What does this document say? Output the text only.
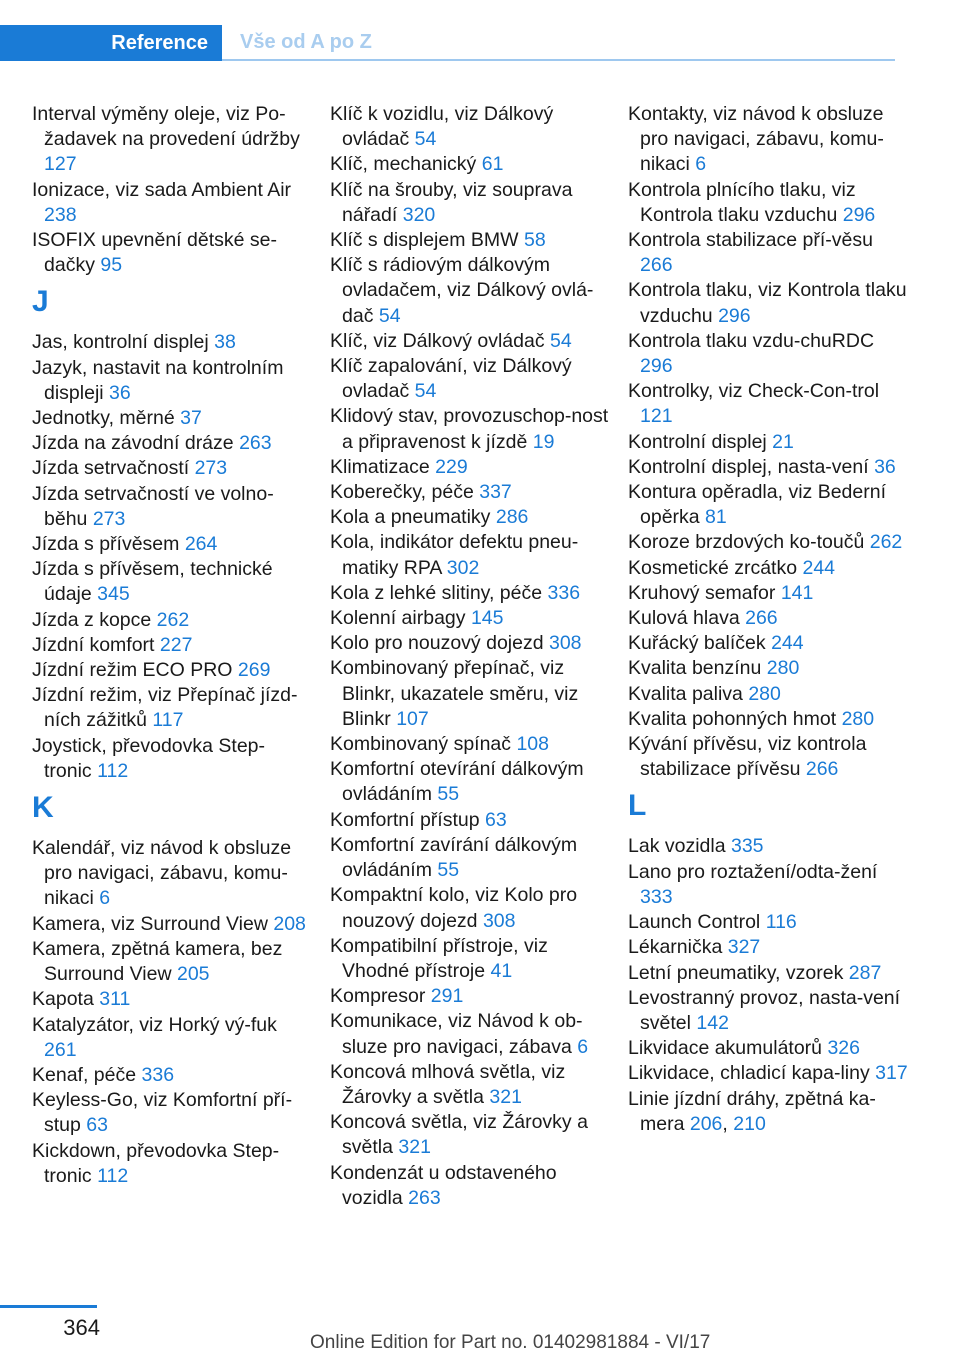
Reference	Vše od A po Z
Interval výměny oleje, viz Po-žadavek na provedení údržby 127
Ionizace, viz sada Ambient Air 238
ISOFIX upevnění dětské se-dačky 95
J
Jas, kontrolní displej 38
Jazyk, nastavit na kontrolním displeji 36
Jednotky, měrné 37
Jízda na závodní dráze 263
Jízda setrvačností 273
Jízda setrvačností ve volno-běhu 273
Jízda s přívěsem 264
Jízda s přívěsem, technické údaje 345
Jízda z kopce 262
Jízdní komfort 227
Jízdní režim ECO PRO 269
Jízdní režim, viz Přepínač jízd-ních zážitků 117
Joystick, převodovka Step-tronic 112
K
Kalendář, viz návod k obsluze pro navigaci, zábavu, komu-nikaci 6
Kamera, viz Surround View 208
Kamera, zpětná kamera, bez Surround View 205
Kapota 311
Katalyzátor, viz Horký vý-fuk 261
Kenaf, péče 336
Keyless-Go, viz Komfortní pří-stup 63
Kickdown, převodovka Step-tronic 112
Klíč k vozidlu, viz Dálkový ovládač 54
Klíč, mechanický 61
Klíč na šrouby, viz souprava nářadí 320
Klíč s displejem BMW 58
Klíč s rádiovým dálkovým ovladačem, viz Dálkový ovlá-dač 54
Klíč, viz Dálkový ovládač 54
Klíč zapalování, viz Dálkový ovladač 54
Klidový stav, provozuschop-nost a připravenost k jízdě 19
Klimatizace 229
Koberečky, péče 337
Kola a pneumatiky 286
Kola, indikátor defektu pneu-matiky RPA 302
Kola z lehké slitiny, péče 336
Kolenní airbagy 145
Kolo pro nouzový dojezd 308
Kombinovaný přepínač, viz Blinkr, ukazatele směru, viz Blinkr 107
Kombinovaný spínač 108
Komfortní otevírání dálkovým ovládáním 55
Komfortní přístup 63
Komfortní zavírání dálkovým ovládáním 55
Kompaktní kolo, viz Kolo pro nouzový dojezd 308
Kompatibilní přístroje, viz Vhodné přístroje 41
Kompresor 291
Komunikace, viz Návod k ob-sluze pro navigaci, zábava 6
Koncová mlhová světla, viz Žárovky a světla 321
Koncová světla, viz Žárovky a světla 321
Kondenzát u odstaveného vozidla 263
Kontakty, viz návod k obsluze pro navigaci, zábavu, komu-nikaci 6
Kontrola plnícího tlaku, viz Kontrola tlaku vzduchu 296
Kontrola stabilizace pří-věsu 266
Kontrola tlaku, viz Kontrola tlaku vzduchu 296
Kontrola tlaku vzdu-chuRDC 296
Kontrolky, viz Check-Con-trol 121
Kontrolní displej 21
Kontrolní displej, nasta-vení 36
Kontura opěradla, viz Bederní opěrka 81
Koroze brzdových ko-toučů 262
Kosmetické zrcátko 244
Kruhový semafor 141
Kulová hlava 266
Kuřácký balíček 244
Kvalita benzínu 280
Kvalita paliva 280
Kvalita pohonných hmot 280
Kývání přívěsu, viz kontrola stabilizace přívěsu 266
L
Lak vozidla 335
Lano pro roztažení/odta-žení 333
Launch Control 116
Lékarnička 327
Letní pneumatiky, vzorek 287
Levostranný provoz, nasta-vení světel 142
Likvidace akumulátorů 326
Likvidace, chladicí kapa-liny 317
Linie jízdní dráhy, zpětná ka-mera 206, 210
364
Online Edition for Part no. 01402981884 - VI/17
